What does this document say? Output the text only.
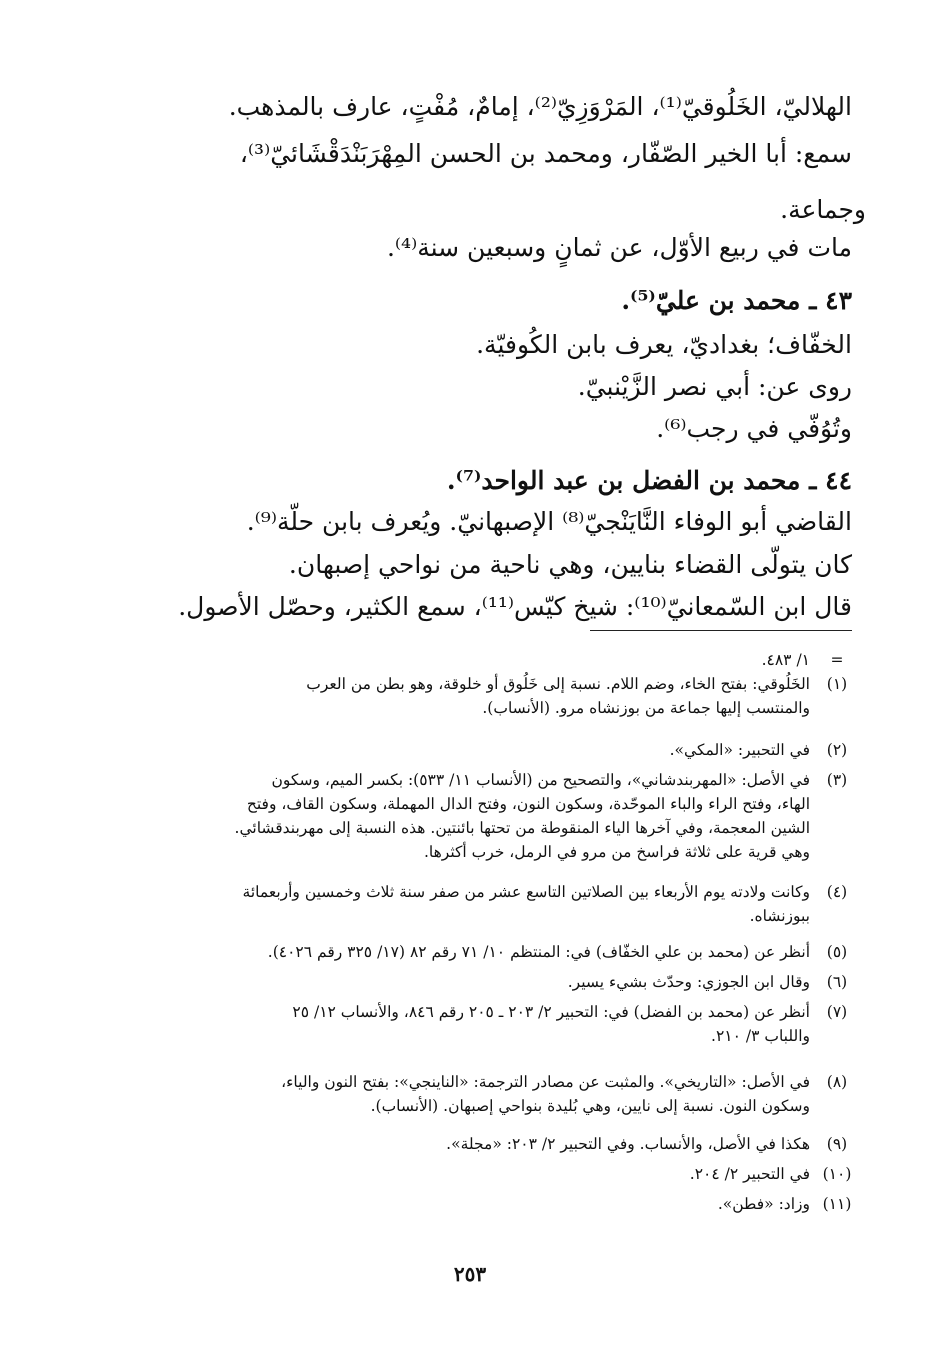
الهلاليّ، الخَلُوقيّ⁽¹⁾، المَرْوَزِيّ⁽²⁾، إمامٌ، مُفْتٍ، عارف بالمذهب.
سمع: أبا الخير الصّفّار، ومحمد بن الحسن المِهْرَبَنْدَقْشَائيّ⁽³⁾،
وجماعة.
مات في ربيع الأوّل، عن ثمانٍ وسبعين سنة⁽⁴⁾.
٤٣ ـ محمد بن عليّ⁽⁵⁾.
الخفّاف؛ بغداديّ، يعرف بابن الكُوفيّة.
روى عن: أبي نصر الزَّيْنبيّ.
وتُوُفّي في رجب⁽⁶⁾.
٤٤ ـ محمد بن الفضل بن عبد الواحد⁽⁷⁾.
القاضي أبو الوفاء النَّايَنْجيّ⁽⁸⁾ الإصبهانيّ. ويُعرف بابن حلّة⁽⁹⁾.
كان يتولّى القضاء بنايين، وهي ناحية من نواحي إصبهان.
قال ابن السّمعانيّ⁽¹⁰⁾: شيخ كيّس⁽¹¹⁾، سمع الكثير، وحصّل الأصول.
=
١/ ٤٨٣.
(١)
الخَلُوقي: بفتح الخاء، وضم اللام. نسبة إلى خَلُوق أو خلوقة، وهو بطن من العرب
والمنتسب إليها جماعة من بوزنشاه مرو. (الأنساب).
(٢)
في التحبير: «المكي».
(٣)
في الأصل: «المهربندشاني»، والتصحيح من (الأنساب ١١/ ٥٣٣): بكسر الميم، وسكون
الهاء، وفتح الراء والباء الموحّدة، وسكون النون، وفتح الدال المهملة، وسكون القاف، وفتح
الشين المعجمة، وفي آخرها الياء المنقوطة من تحتها بائنتين. هذه النسبة إلى مهربندقشائي.
وهي قرية على ثلاثة فراسخ من مرو في الرمل، خرب أكثرها.
(٤)
وكانت ولادته يوم الأربعاء بين الصلاتين التاسع عشر من صفر سنة ثلاث وخمسين وأربعمائة
ببوزنشاه.
(٥)
أنظر عن (محمد بن علي الخفّاف) في: المنتظم ١٠/ ٧١ رقم ٨٢ (١٧/ ٣٢٥ رقم ٤٠٢٦).
(٦)
وقال ابن الجوزي: وحدّث بشيء يسير.
(٧)
أنظر عن (محمد بن الفضل) في: التحبير ٢/ ٢٠٣ ـ ٢٠٥ رقم ٨٤٦، والأنساب ١٢/ ٢٥
واللباب ٣/ ٢١٠.
(٨)
في الأصل: «التاريخي». والمثبت عن مصادر الترجمة: «الناينجي»: بفتح النون والياء،
وسكون النون. نسبة إلى نايين، وهي بُليدة بنواحي إصبهان. (الأنساب).
(٩)
هكذا في الأصل، والأنساب. وفي التحبير ٢/ ٢٠٣: «مجلة».
(١٠)
في التحبير ٢/ ٢٠٤.
(١١)
وزاد: «فطن».
٢٥٣
